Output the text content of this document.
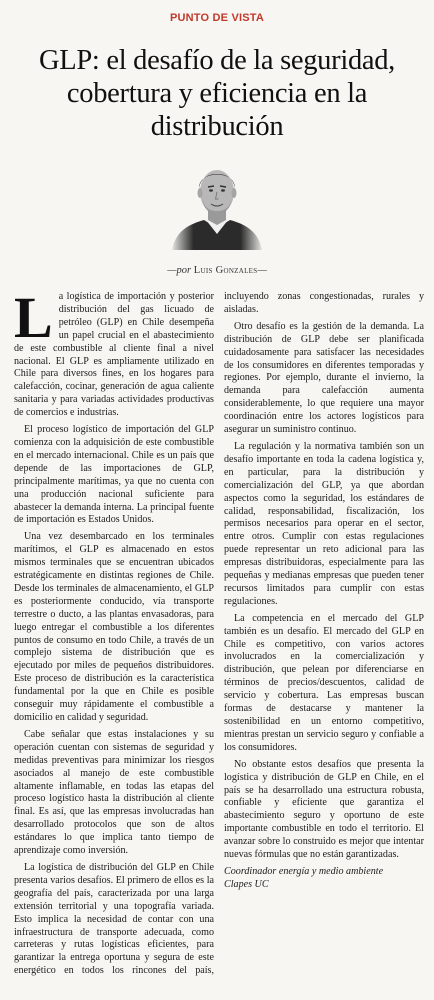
PUNTO DE VISTA
GLP: el desafío de la seguridad, cobertura y eficiencia en la distribución
—por Luis Gonzales—

La logística de importación y posterior distribución del gas licuado de petróleo (GLP) en Chile desempeña un papel crucial en el abastecimiento de este combustible al cliente final a nivel nacional. El GLP es ampliamente utilizado en Chile para diversos fines, en los hogares para calefacción, cocinar, generación de agua caliente sanitaria y para variadas actividades productivas de comercios e industrias.

El proceso logístico de importación del GLP comienza con la adquisición de este combustible en el mercado internacional. Chile es un país que depende de las importaciones de GLP, principalmente marítimas, ya que no cuenta con una producción nacional suficiente para abastecer la demanda interna. La principal fuente de importación es Estados Unidos.

Una vez desembarcado en los terminales marítimos, el GLP es almacenado en estos mismos terminales que se encuentran ubicados estratégicamente en distintas regiones de Chile. Desde los terminales de almacenamiento, el GLP es posteriormente conducido, vía transporte terrestre o ducto, a las plantas envasadoras, para luego entregar el combustible a los diferentes puntos de consumo en todo Chile, a través de un complejo sistema de distribución que es ejecutado por miles de pequeños distribuidores. Este proceso de distribución es la característica fundamental por la que en Chile es posible conseguir muy rápidamente el combustible a domicilio en calidad y seguridad.

Cabe señalar que estas instalaciones y su operación cuentan con sistemas de seguridad y medidas preventivas para minimizar los riesgos asociados al manejo de este combustible altamente inflamable, en todas las etapas del proceso logístico hasta la distribución al cliente final. Es así, que las empresas involucradas han desarrollado protocolos que son de altos estándares lo que implica tanto tiempo de aprendizaje como inversión.

La logística de distribución del GLP en Chile presenta varios desafíos. El primero de ellos es la geografía del país, caracterizada por una larga extensión territorial y una topografía variada. Esto implica la necesidad de contar con una infraestructura de transporte adecuada, como carreteras y rutas logísticas eficientes, para garantizar la entrega oportuna y segura de este energético en todos los rincones del país, incluyendo zonas congestionadas, rurales y aisladas.

Otro desafío es la gestión de la demanda. La distribución de GLP debe ser planificada cuidadosamente para satisfacer las necesidades de los consumidores en diferentes temporadas y regiones. Por ejemplo, durante el invierno, la demanda para calefacción aumenta considerablemente, lo que requiere una mayor coordinación entre los actores logísticos para asegurar un suministro continuo.

La regulación y la normativa también son un desafío importante en toda la cadena logística y, en particular, para la distribución y comercialización del GLP, ya que abordan aspectos como la seguridad, los estándares de calidad, responsabilidad, fiscalización, los permisos necesarios para operar en el sector, entre otros. Cumplir con estas regulaciones puede representar un reto adicional para las empresas distribuidoras, especialmente para las pequeñas y medianas empresas que pueden tener recursos limitados para cumplir con estas regulaciones.

La competencia en el mercado del GLP también es un desafío. El mercado del GLP en Chile es competitivo, con varios actores involucrados en la comercialización y distribución, que pelean por diferenciarse en términos de precios/descuentos, calidad de servicio y cobertura. Las empresas buscan formas de destacarse y mantener la sostenibilidad en un entorno competitivo, mientras prestan un servicio seguro y confiable a los consumidores.

No obstante estos desafíos que presenta la logística y distribución de GLP en Chile, en el país se ha desarrollado una estructura robusta, confiable y eficiente que garantiza el abastecimiento seguro y oportuno de este importante combustible en todo el territorio. El avanzar sobre lo construido es mejor que intentar nuevas fórmulas que no están garantizadas.

Coordinador energía y medio ambiente
Clapes UC
